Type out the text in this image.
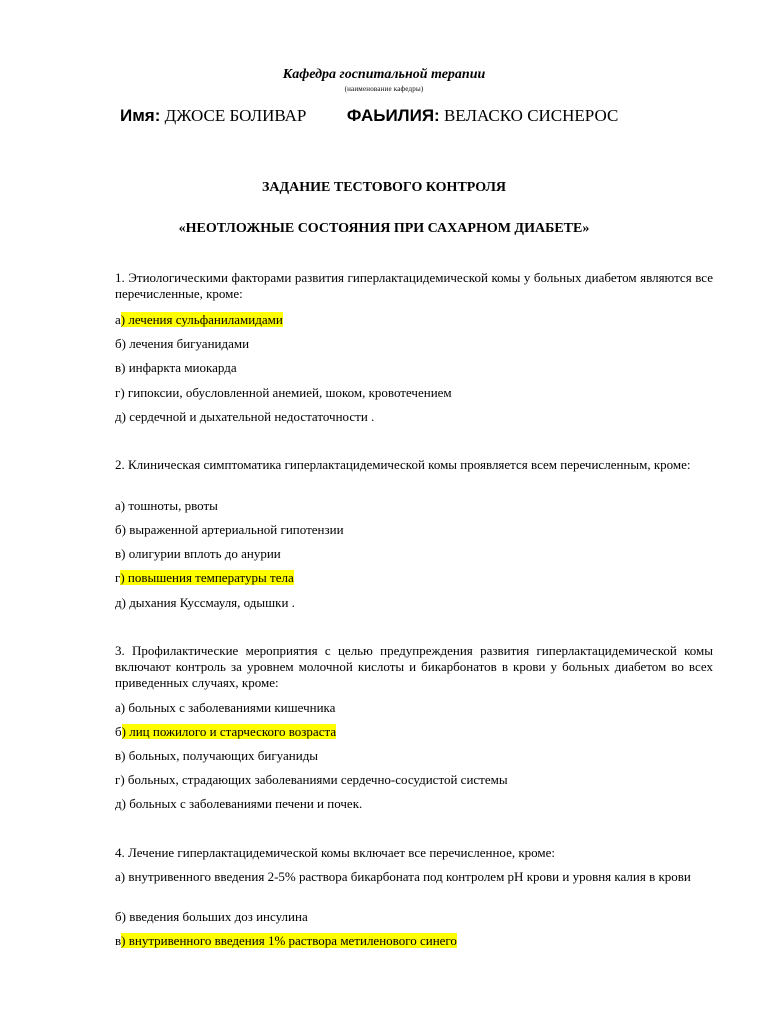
Кафедра госпитальной терапии
(наименование кафедры)
Имя: ДЖОСЕ БОЛИВАР ФАЬИЛИЯ: ВЕЛАСКО СИСНЕРОС
ЗАДАНИЕ ТЕСТОВОГО КОНТРОЛЯ
«НЕОТЛОЖНЫЕ СОСТОЯНИЯ ПРИ САХАРНОМ ДИАБЕТЕ»
1. Этиологическими факторами развития гиперлактацидемической комы у больных диабетом являются все перечисленные, кроме:
а) лечения сульфаниламидами
б) лечения бигуанидами
в) инфаркта миокарда
г) гипоксии, обусловленной анемией, шоком, кровотечением
д) сердечной и дыхательной недостаточности .
2. Клиническая симптоматика гиперлактацидемической комы проявляется всем перечисленным, кроме:
а) тошноты, рвоты
б) выраженной артериальной гипотензии
в) олигурии вплоть до анурии
г) повышения температуры тела
д) дыхания Куссмауля, одышки .
3. Профилактические мероприятия с целью предупреждения развития гиперлактацидемической комы включают контроль за уровнем молочной кислоты и бикарбонатов в крови у больных диабетом во всех приведенных случаях, кроме:
а) больных с заболеваниями кишечника
б) лиц пожилого и старческого возраста
в) больных, получающих бигуаниды
г) больных, страдающих заболеваниями сердечно-сосудистой системы
д) больных с заболеваниями печени и почек.
4. Лечение гиперлактацидемической комы включает все перечисленное, кроме:
а) внутривенного введения 2-5% раствора бикарбоната под контролем pH крови и уровня калия в крови
б) введения больших доз инсулина
в) внутривенного введения 1% раствора метиленового синего
